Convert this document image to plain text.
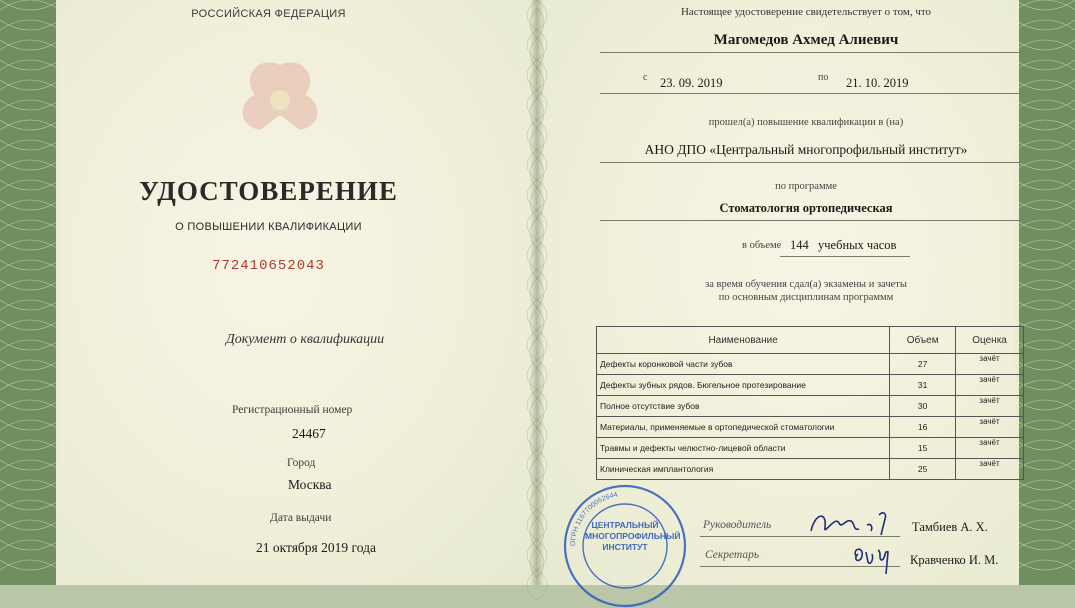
РОССИЙСКАЯ ФЕДЕРАЦИЯ
УДОСТОВЕРЕНИЕ
О ПОВЫШЕНИИ КВАЛИФИКАЦИИ
772410652043
Документ о квалификации
Регистрационный номер
24467
Город
Москва
Дата выдачи
21 октября 2019 года
Настоящее удостоверение свидетельствует о том, что
Магомедов Ахмед Алиевич
с 23. 09. 2019	по 21. 10. 2019
прошел(а) повышение квалификации в (на)
АНО ДПО «Центральный многопрофильный институт»
по программе
Стоматология ортопедическая
в объеме 144 учебных часов
за время обучения сдал(а) экзамены и зачеты
по основным дисциплинам программм
Наименование	Объем	Оценка
Дефекты коронковой части зубов	27	зачёт
Дефекты зубных рядов. Бюгельное протезирование	31	зачёт
Полное отсутствие зубов	30	зачёт
Материалы, применяемые в ортопедической стоматологии	16	зачёт
Травмы и дефекты челюстно-лицевой области	15	зачёт
Клиническая имплантология	25	зачёт
ОГРН 1167700052644
ЦЕНТРАЛЬНЫЙ МНОГОПРОФИЛЬНЫЙ ИНСТИТУТ
Руководитель	Тамбиев А. Х.
Секретарь	Кравченко И. М.
